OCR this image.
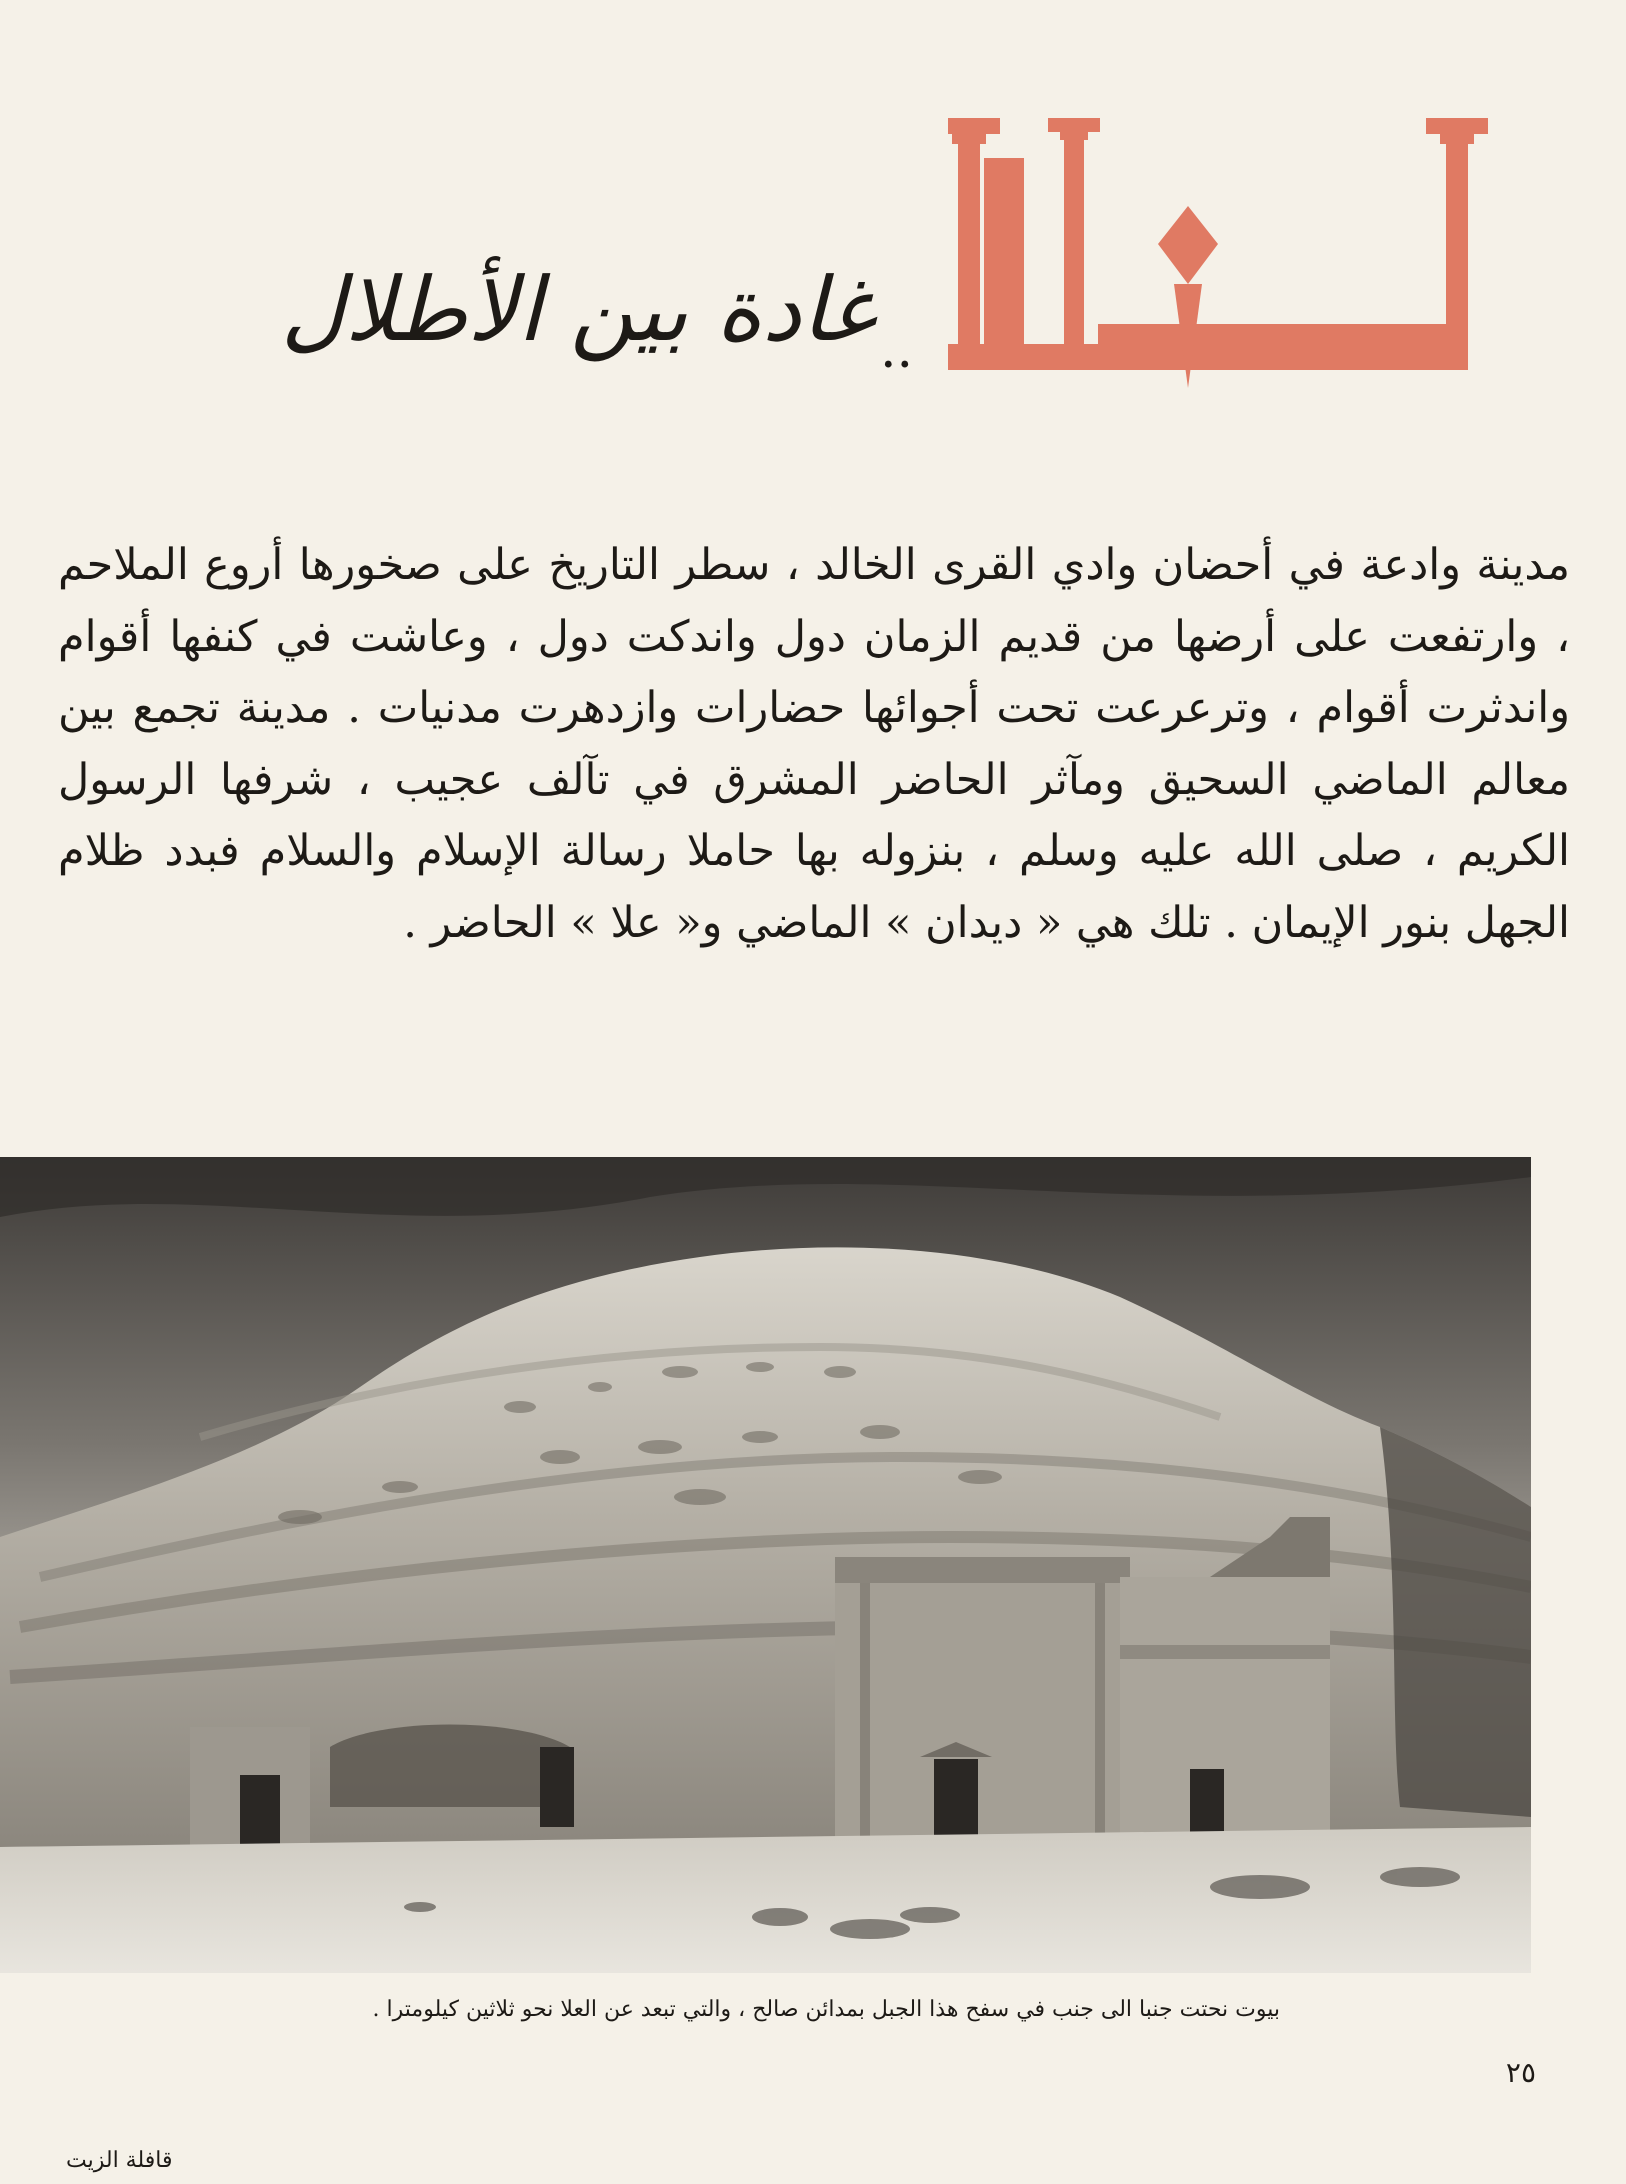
..
غادة بين الأطلال

مدينة وادعة في أحضان وادي القرى الخالد ، سطر التاريخ على صخورها أروع الملاحم ، وارتفعت على أرضها من قديم الزمان دول واندكت دول ، وعاشت في كنفها أقوام واندثرت أقوام ، وترعرعت تحت أجوائها حضارات وازدهرت مدنيات . مدينة تجمع بين معالم الماضي السحيق ومآثر الحاضر المشرق في تآلف عجيب ، شرفها الرسول الكريم ، صلى الله عليه وسلم ، بنزوله بها حاملا رسالة الإسلام والسلام فبدد ظلام الجهل بنور الإيمان . تلك هي « ديدان » الماضي و« علا » الحاضر .

بيوت نحتت جنبا الى جنب في سفح هذا الجبل بمدائن صالح ، والتي تبعد عن العلا نحو ثلاثين كيلومترا .
٢٥
قافلة الزيت
